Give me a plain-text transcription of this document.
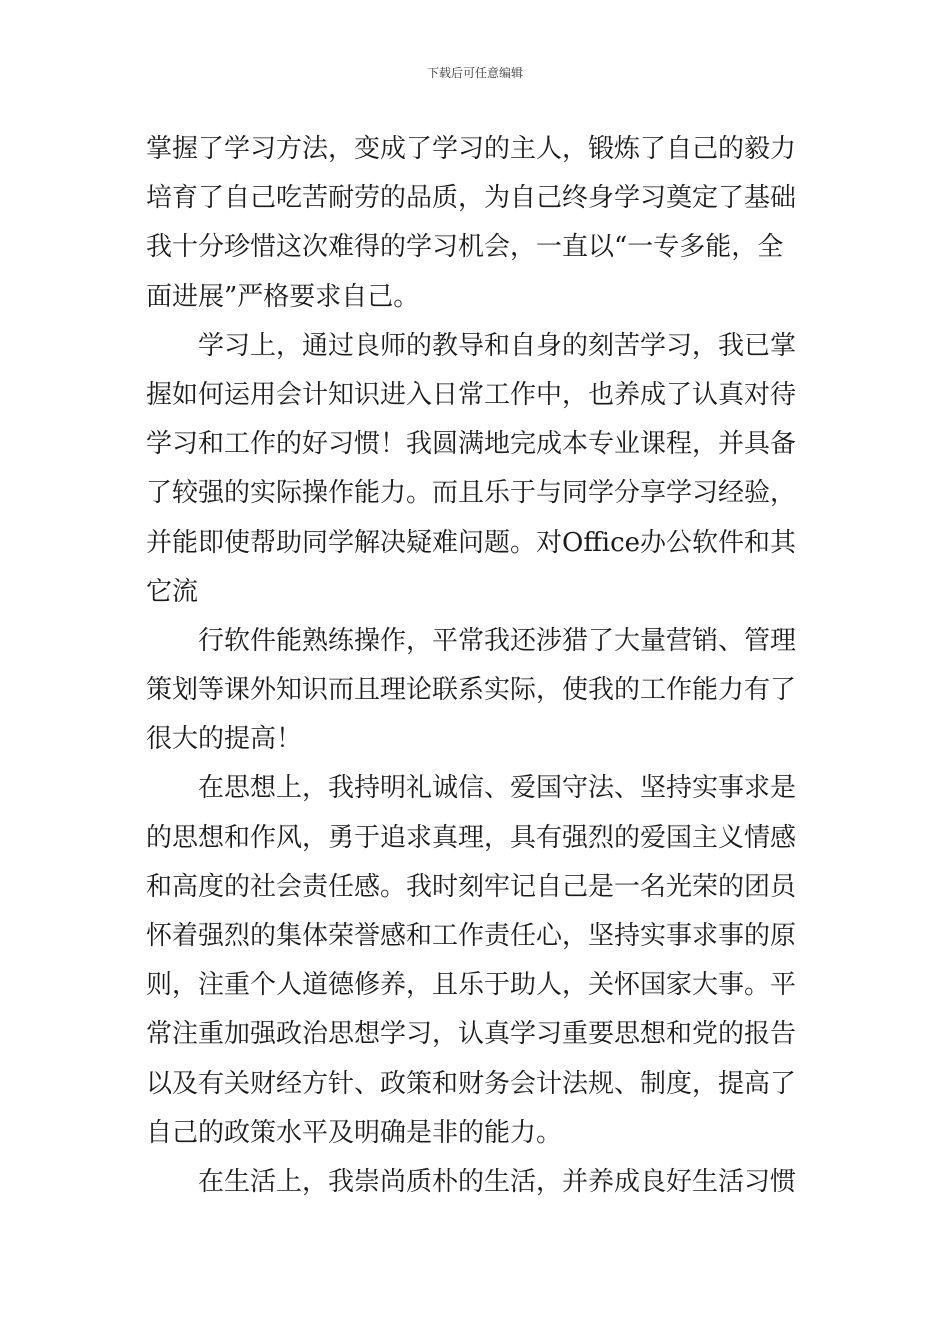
下载后可任意编辑
掌握了学习方法，变成了学习的主人，锻炼了自己的毅力
培育了自己吃苦耐劳的品质，为自己终身学习奠定了基础
我十分珍惜这次难得的学习机会，一直以“一专多能，全
面进展”严格要求自己。
学习上，通过良师的教导和自身的刻苦学习，我已掌
握如何运用会计知识进入日常工作中，也养成了认真对待
学习和工作的好习惯！我圆满地完成本专业课程，并具备
了较强的实际操作能力。而且乐于与同学分享学习经验，
并能即使帮助同学解决疑难问题。对Office办公软件和其
它流
行软件能熟练操作，平常我还涉猎了大量营销、管理
策划等课外知识而且理论联系实际，使我的工作能力有了
很大的提高！
在思想上，我持明礼诚信、爱国守法、坚持实事求是
的思想和作风，勇于追求真理，具有强烈的爱国主义情感
和高度的社会责任感。我时刻牢记自己是一名光荣的团员
怀着强烈的集体荣誉感和工作责任心，坚持实事求事的原
则，注重个人道德修养，且乐于助人，关怀国家大事。平
常注重加强政治思想学习，认真学习重要思想和党的报告
以及有关财经方针、政策和财务会计法规、制度，提高了
自己的政策水平及明确是非的能力。
在生活上，我崇尚质朴的生活，并养成良好生活习惯
